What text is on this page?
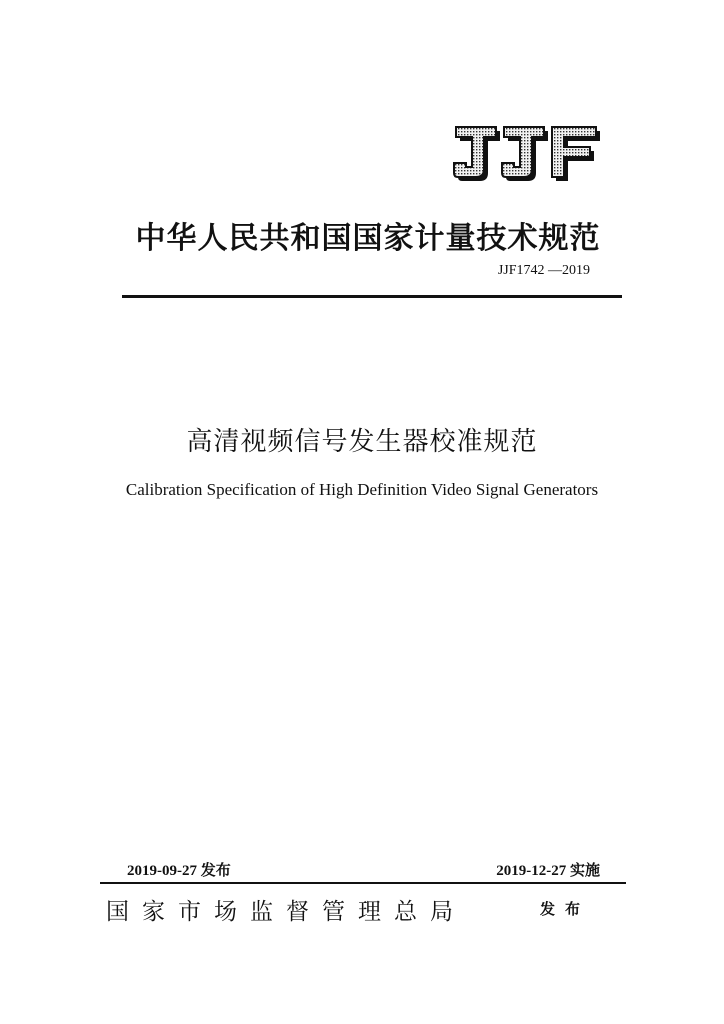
中华人民共和国国家计量技术规范
JJF1742 —2019
高清视频信号发生器校准规范
Calibration Specification of High Definition Video Signal Generators
2019-09-27 发布	2019-12-27 实施
国家市场监督管理总局	发布
